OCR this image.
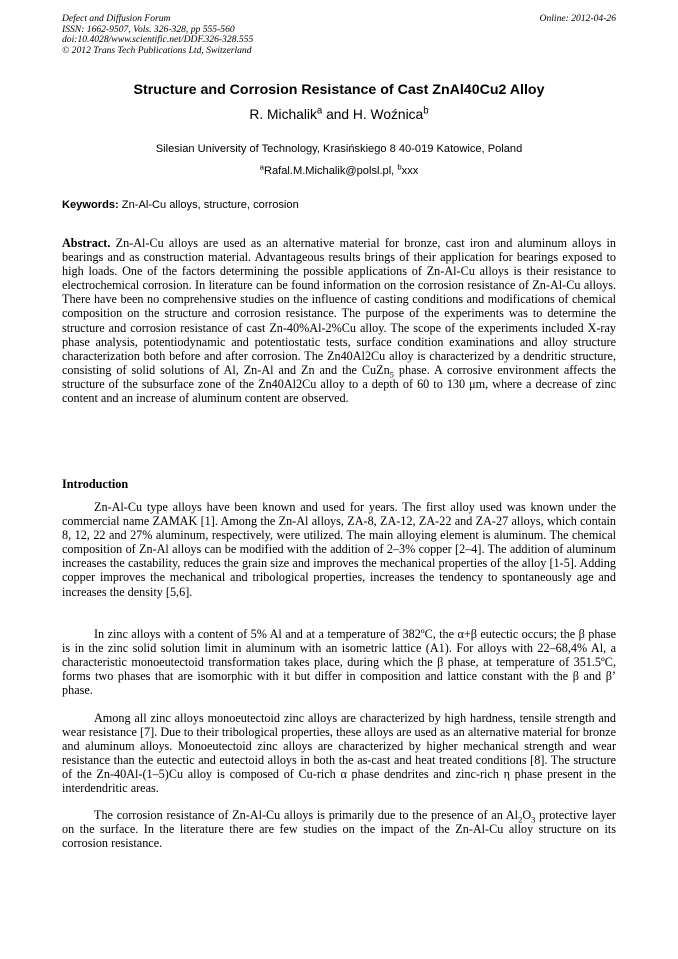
Defect and Diffusion Forum
ISSN: 1662-9507, Vols. 326-328, pp 555-560
doi:10.4028/www.scientific.net/DDF.326-328.555
© 2012 Trans Tech Publications Ltd, Switzerland
Online: 2012-04-26
Structure and Corrosion Resistance of Cast ZnAl40Cu2 Alloy
R. Michalik$^a$ and H. Woźnica$^b$
Silesian University of Technology, Krasińskiego 8 40-019 Katowice, Poland
$^a$Rafal.M.Michalik@polsl.pl, $^b$xxx
Keywords: Zn-Al-Cu alloys, structure, corrosion

Abstract. Zn-Al-Cu alloys are used as an alternative material for bronze, cast iron and aluminum alloys in bearings and as construction material. Advantageous results brings of their application for bearings exposed to high loads. One of the factors determining the possible applications of Zn-Al-Cu alloys is their resistance to electrochemical corrosion. In literature can be found information on the corrosion resistance of Zn-Al-Cu alloys. There have been no comprehensive studies on the influence of casting conditions and modifications of chemical composition on the structure and corrosion resistance. The purpose of the experiments was to determine the structure and corrosion resistance of cast Zn-40%Al-2%Cu alloy. The scope of the experiments included X-ray phase analysis, potentiodynamic and potentiostatic tests, surface condition examinations and alloy structure characterization both before and after corrosion. The Zn40Al2Cu alloy is characterized by a dendritic structure, consisting of solid solutions of Al, Zn-Al and Zn and the CuZn$_5$ phase. A corrosive environment affects the structure of the subsurface zone of the Zn40Al2Cu alloy to a depth of 60 to 130 μm, where a decrease of zinc content and an increase of aluminum content are observed.

Introduction

Zn-Al-Cu type alloys have been known and used for years. The first alloy used was known under the commercial name ZAMAK [1]. Among the Zn-Al alloys, ZA-8, ZA-12, ZA-22 and ZA-27 alloys, which contain 8, 12, 22 and 27% aluminum, respectively, were utilized. The main alloying element is aluminum. The chemical composition of Zn-Al alloys can be modified with the addition of 2–3% copper [2–4]. The addition of aluminum increases the castability, reduces the grain size and improves the mechanical properties of the alloy [1-5]. Adding copper improves the mechanical and tribological properties, increases the tendency to spontaneously age and increases the density [5,6].

In zinc alloys with a content of 5% Al and at a temperature of 382ºC, the α+β eutectic occurs; the β phase is in the zinc solid solution limit in aluminum with an isometric lattice (A1). For alloys with 22–68,4% Al, a characteristic monoeutectoid transformation takes place, during which the β phase, at temperature of 351.5ºC, forms two phases that are isomorphic with it but differ in composition and lattice constant with the β and β’ phase.

Among all zinc alloys monoeutectoid zinc alloys are characterized by high hardness, tensile strength and wear resistance [7]. Due to their tribological properties, these alloys are used as an alternative material for bronze and aluminum alloys. Monoeutectoid zinc alloys are characterized by higher mechanical strength and wear resistance than the eutectic and eutectoid alloys in both the as-cast and heat treated conditions [8]. The structure of the Zn-40Al-(1–5)Cu alloy is composed of Cu-rich α phase dendrites and zinc-rich η phase present in the interdendritic areas.

The corrosion resistance of Zn-Al-Cu alloys is primarily due to the presence of an $Al_2O_3$ protective layer on the surface. In the literature there are few studies on the impact of the Zn-Al-Cu alloy structure on its corrosion resistance.
